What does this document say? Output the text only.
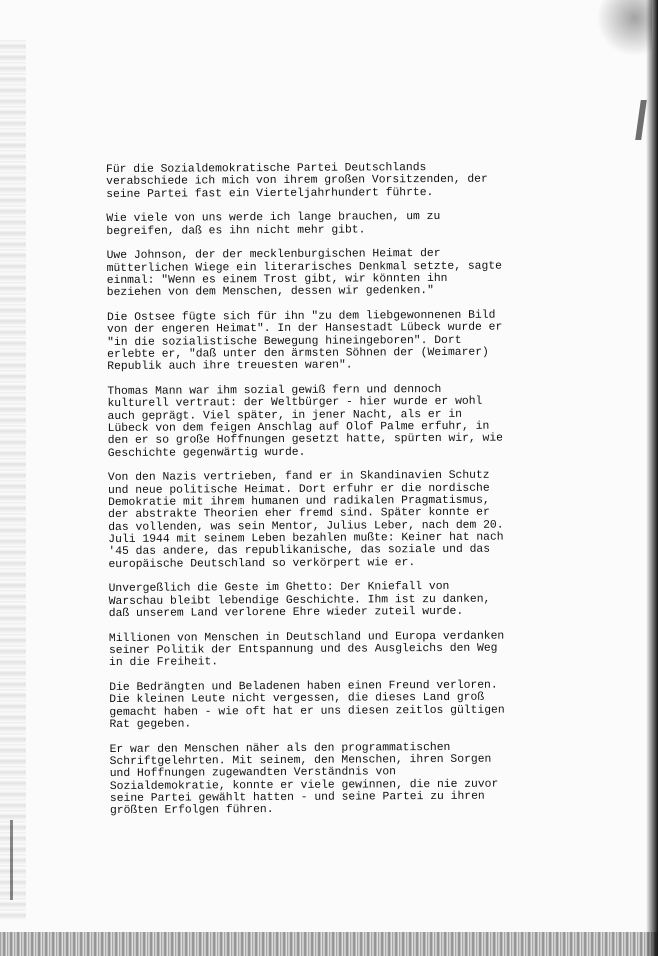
Für die Sozialdemokratische Partei Deutschlands
verabschiede ich mich von ihrem großen Vorsitzenden, der
seine Partei fast ein Vierteljahrhundert führte.
Wie viele von uns werde ich lange brauchen, um zu
begreifen, daß es ihn nicht mehr gibt.
Uwe Johnson, der der mecklenburgischen Heimat der
mütterlichen Wiege ein literarisches Denkmal setzte, sagte
einmal: "Wenn es einem Trost gibt, wir könnten ihn
beziehen von dem Menschen, dessen wir gedenken."
Die Ostsee fügte sich für ihn "zu dem liebgewonnenen Bild
von der engeren Heimat". In der Hansestadt Lübeck wurde er
"in die sozialistische Bewegung hineingeboren". Dort
erlebte er, "daß unter den ärmsten Söhnen der (Weimarer)
Republik auch ihre treuesten waren".
Thomas Mann war ihm sozial gewiß fern und dennoch
kulturell vertraut: der Weltbürger - hier wurde er wohl
auch geprägt. Viel später, in jener Nacht, als er in
Lübeck von dem feigen Anschlag auf Olof Palme erfuhr, in
den er so große Hoffnungen gesetzt hatte, spürten wir, wie
Geschichte gegenwärtig wurde.
Von den Nazis vertrieben, fand er in Skandinavien Schutz
und neue politische Heimat. Dort erfuhr er die nordische
Demokratie mit ihrem humanen und radikalen Pragmatismus,
der abstrakte Theorien eher fremd sind. Später konnte er
das vollenden, was sein Mentor, Julius Leber, nach dem 20.
Juli 1944 mit seinem Leben bezahlen mußte: Keiner hat nach
'45 das andere, das republikanische, das soziale und das
europäische Deutschland so verkörpert wie er.
Unvergeßlich die Geste im Ghetto: Der Kniefall von
Warschau bleibt lebendige Geschichte. Ihm ist zu danken,
daß unserem Land verlorene Ehre wieder zuteil wurde.
Millionen von Menschen in Deutschland und Europa verdanken
seiner Politik der Entspannung und des Ausgleichs den Weg
in die Freiheit.
Die Bedrängten und Beladenen haben einen Freund verloren.
Die kleinen Leute nicht vergessen, die dieses Land groß
gemacht haben - wie oft hat er uns diesen zeitlos gültigen
Rat gegeben.
Er war den Menschen näher als den programmatischen
Schriftgelehrten. Mit seinem, den Menschen, ihren Sorgen
und Hoffnungen zugewandten Verständnis von
Sozialdemokratie, konnte er viele gewinnen, die nie zuvor
seine Partei gewählt hatten - und seine Partei zu ihren
größten Erfolgen führen.
